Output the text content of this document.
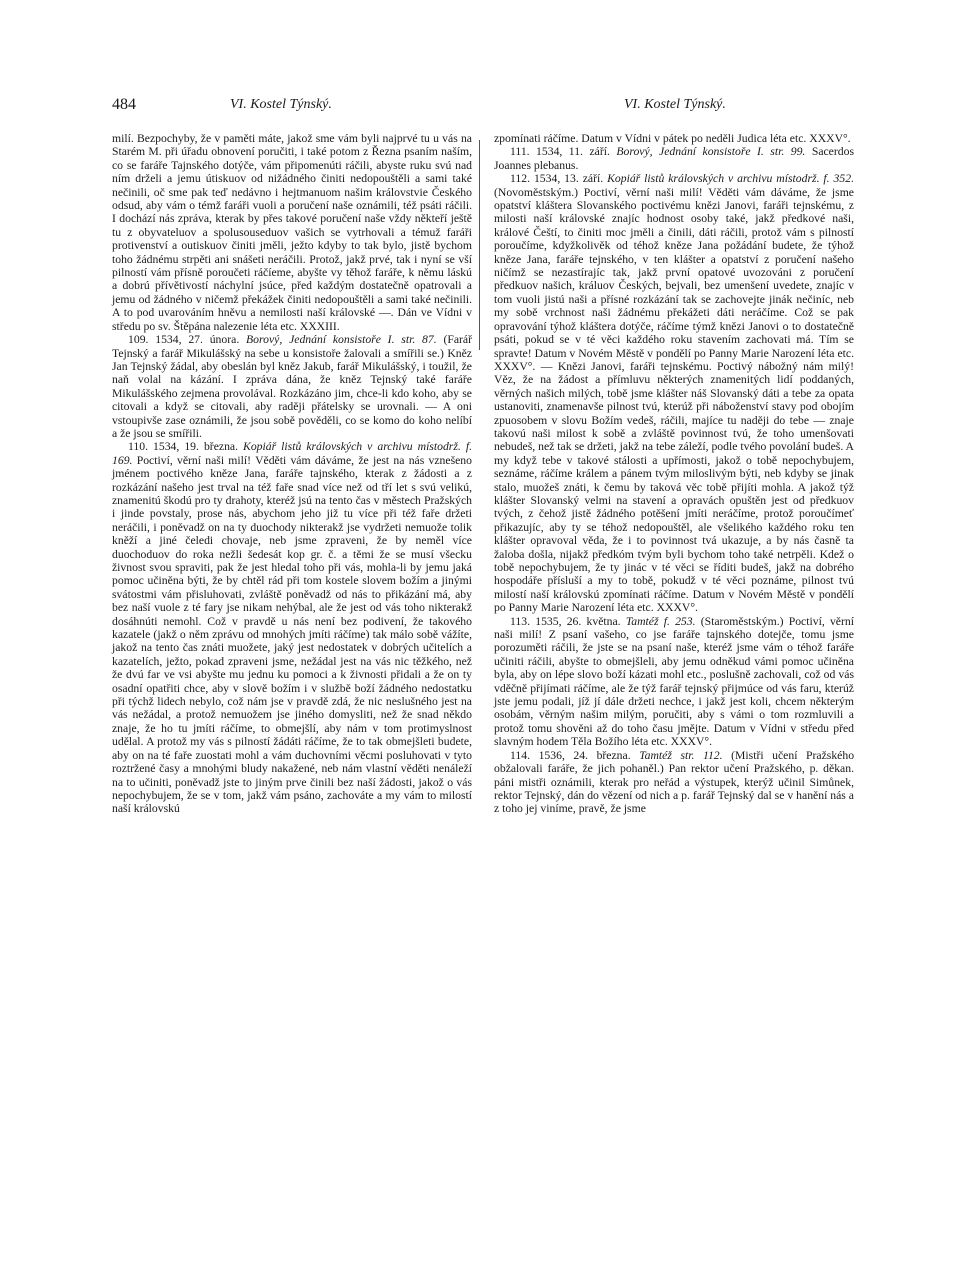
484	VI. Kostel Týnský.	VI. Kostel Týnský.

milí. Bezpochyby, že v paměti máte, jakož sme vám byli najprvé tu u vás na Starém M. při úřadu obnovení poručiti, i také potom z Řezna psaním naším, co se faráře Tajnského dotýče, vám připomenúti ráčili, abyste ruku svú nad ním drželi a jemu útiskuov od nižádného činiti nedopouštěli a sami také nečinili, oč sme pak teď nedávno i hejtmanuom našim královstvie Českého odsud, aby vám o témž faráři vuoli a poručení naše oznámili, též psáti ráčili. I dochází nás zpráva, kterak by přes takové poručení naše vždy někteří ještě tu z obyvateluov a spolusouseduov vašich se vytrhovali a témuž faráři protivenství a outiskuov činiti jměli, ježto kdyby to tak bylo, jistě bychom toho žádnému strpěti ani snášeti neráčili. Protož, jakž prvé, tak i nyní se vší pilností vám přísně poroučeti ráčíeme, abyšte vy těhož faráře, k němu láskú a dobrú přívětivostí náchylní jsúce, před každým dostatečně opatrovali a jemu od žádného v ničemž překážek činiti nedopouštěli a sami také nečinili. A to pod uvarováním hněvu a nemilosti naší královské —. Dán ve Vídni v středu po sv. Štěpána nalezenie léta etc. XXXIII.

109. 1534, 27. února. Borový, Jednání konsistoře I. str. 87. (Farář Tejnský a farář Mikulášský na sebe u konsistoře žalovali a smířili se.) Kněz Jan Tejnský žádal, aby obeslán byl kněz Jakub, farář Mikulášský, i toužil, že naň volal na kázání. I zpráva dána, že kněz Tejnský také faráře Mikulášského zejmena provolával. Rozkázáno jim, chce-li kdo koho, aby se citovali a když se citovali, aby raději přátelsky se urovnali. — A oni vstoupivše zase oznámili, že jsou sobě pověděli, co se komo do koho nelíbí a že jsou se smířili.

110. 1534, 19. března. Kopiář listů královských v archivu místodrž. f. 169. Poctiví, věrní naši milí! Věděti vám dáváme, že jest na nás vznešeno jménem poctivého kněze Jana, faráře tajnského, kterak z žádosti a z rozkázání našeho jest trval na též faře snad více než od tří let s svú velikú, znamenitú škodú pro ty drahoty, kteréž jsú na tento čas v městech Pražských i jinde povstaly, prose nás, abychom jeho již tu více při též faře držeti neráčili, i poněvadž on na ty duochody nikterakž jse vydržeti nemuože tolik kněží a jiné čeledi chovaje, neb jsme zpraveni, že by neměl více duochoduov do roka nežli šedesát kop gr. č. a těmi že se musí všecku živnost svou spraviti, pak že jest hledal toho při vás, mohla-li by jemu jaká pomoc učiněna býti, že by chtěl rád při tom kostele slovem božím a jinými svátostmi vám přisluhovati, zvláště poněvadž od nás to přikázání má, aby bez naší vuole z té fary jse nikam nehýbal, ale že jest od vás toho nikterakž dosáhnúti nemohl. Což v pravdě u nás není bez podivení, že takového kazatele (jakž o něm zprávu od mnohých jmíti ráčíme) tak málo sobě vážíte, jakož na tento čas znáti muožete, jaký jest nedostatek v dobrých učitelích a kazatelích, ježto, pokad zpraveni jsme, nežádal jest na vás nic těžkého, než že dvú far ve vsi abyšte mu jednu ku pomoci a k živnosti přidali a že on ty osadní opatřiti chce, aby v slově božím i v službě boží žádného nedostatku při týchž lidech nebylo, což nám jse v pravdě zdá, že nic neslušného jest na vás nežádal, a protož nemuožem jse jiného domysliti, než že snad někdo znaje, že ho tu jmíti ráčíme, to obmejšlí, aby nám v tom protimyslnost udělal. A protož my vás s pilností žádáti ráčíme, že to tak obmejšleti budete, aby on na té faře zuostati mohl a vám duchovními věcmi posluhovati v tyto roztržené časy a mnohými bludy nakažené, neb nám vlastní věděti nenáleží na to učiniti, poněvadž jste to jiným prve činili bez naší žádosti, jakož o vás nepochybujem, že se v tom, jakž vám psáno, zachováte a my vám to milostí naší královskú

zpomínati ráčíme. Datum v Vídni v pátek po neděli Judica léta etc. XXXV°.

111. 1534, 11. září. Borový, Jednání konsistoře I. str. 99. Sacerdos Joannes plebanus.

112. 1534, 13. září. Kopiář listů královských v archivu místodrž. f. 352. (Novoměstským.) Poctiví, věrní naši milí! Věděti vám dáváme, že jsme opatství kláštera Slovanského poctivému knězi Janovi, faráři tejnskému, z milosti naší královské znajíc hodnost osoby také, jakž předkové naši, králové Čeští, to činiti moc jměli a činili, dáti ráčili, protož vám s pilností poroučíme, kdyžkolivěk od téhož kněze Jana požádání budete, že týhož kněze Jana, faráře tejnského, v ten klášter a opatství z poručení našeho ničímž se nezastírajíc tak, jakž první opatové uvozováni z poručení předkuov našich, králuov Českých, bejvali, bez umenšení uvedete, znajíc v tom vuoli jistú naši a přísné rozkázání tak se zachovejte jinák nečiníc, neb my sobě vrchnost naši žádnému překážeti dáti neráčíme. Což se pak opravování týhož kláštera dotýče, ráčíme týmž knězi Janovi o to dostatečně psáti, pokud se v té věci každého roku stavením zachovati má. Tím se spravte! Datum v Novém Městě v pondělí po Panny Marie Narození léta etc. XXXV°. — Knězi Janovi, faráři tejnskému. Poctivý nábožný nám milý! Věz, že na žádost a přímluvu některých znamenitých lidí poddaných, věrných našich milých, tobě jsme klášter náš Slovanský dáti a tebe za opata ustanoviti, znamenavše pilnost tvú, kterúž při náboženství stavy pod obojím zpuosobem v slovu Božím vedeš, ráčili, majíce tu naději do tebe — znaje takovú naši milost k sobě a zvláště povinnost tvú, že toho umenšovati nebudeš, než tak se držeti, jakž na tebe záleží, podle tvého povolání budeš. A my když tebe v takové stálosti a upřímosti, jakož o tobě nepochybujem, seznáme, ráčíme králem a pánem tvým miloslivým býti, neb kdyby se jinak stalo, muožeš znáti, k čemu by taková věc tobě přijíti mohla. A jakož týž klášter Slovanský velmi na stavení a opravách opuštěn jest od předkuov tvých, z čehož jistě žádného potěšení jmíti neráčíme, protož poroučímeť přikazujíc, aby ty se téhož nedopouštěl, ale všelikého každého roku ten klášter opravoval věda, že i to povinnost tvá ukazuje, a by nás časně ta žaloba došla, nijakž předkóm tvým byli bychom toho také netrpěli. Kdež o tobě nepochybujem, že ty jinác v té věci se říditi budeš, jakž na dobrého hospodáře přísluší a my to tobě, pokudž v té věci poznáme, pilnost tvú milostí naší královskú zpomínati ráčíme. Datum v Novém Městě v pondělí po Panny Marie Narození léta etc. XXXV°.

113. 1535, 26. května. Tamtéž f. 253. (Staroměstským.) Poctiví, věrní naši milí! Z psaní vašeho, co jse faráře tajnského dotejče, tomu jsme porozuměti ráčili, že jste se na psaní naše, kteréž jsme vám o téhož faráře učiniti ráčili, abyšte to obmejšleli, aby jemu odněkud vámi pomoc učiněna byla, aby on lépe slovo boží kázati mohl etc., poslušně zachovali, což od vás vděčně přijímati ráčíme, ale že týž farář tejnský přijmúce od vás faru, kterúž jste jemu podali, jíž jí dále držeti nechce, i jakž jest koli, chcem některým osobám, věrným našim milým, poručiti, aby s vámi o tom rozmluvili a protož tomu shověni až do toho času jmějte. Datum v Vídni v středu před slavným hodem Těla Božího léta etc. XXXV°.

114. 1536, 24. března. Tamtéž str. 112. (Mistři učení Pražského obžalovali faráře, že jich pohaněl.) Pan rektor učení Pražského, p. děkan. páni mistři oznámili, kterak pro neřád a výstupek, kterýž učinil Simůnek, rektor Tejnský, dán do vězení od nich a p. farář Tejnský dal se v hanění nás a z toho jej viníme, pravě, že jsme
